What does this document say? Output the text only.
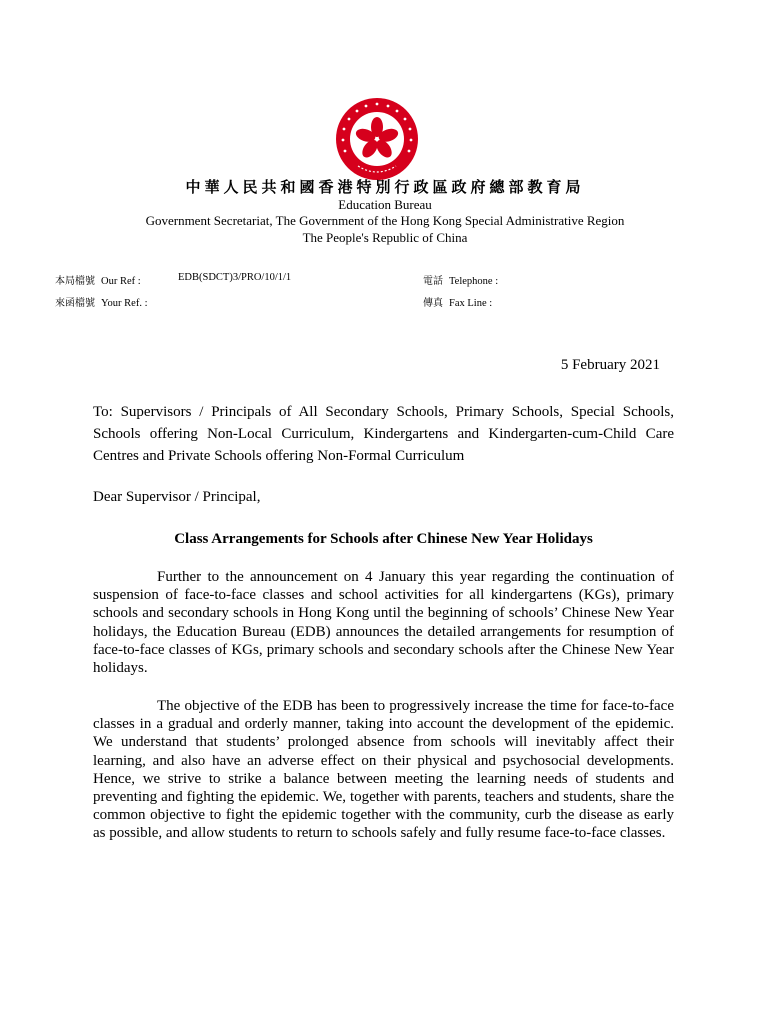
中華人民共和國香港特別行政區政府總部教育局
Education Bureau
Government Secretariat, The Government of the Hong Kong Special Administrative Region
The People's Republic of China
本局檔號 Our Ref :	EDB(SDCT)3/PRO/10/1/1
來函檔號 Your Ref. :
電話 Telephone :
傳真 Fax Line :
5 February 2021
To: Supervisors / Principals of All Secondary Schools, Primary Schools, Special Schools, Schools offering Non-Local Curriculum, Kindergartens and Kindergarten-cum-Child Care Centres and Private Schools offering Non-Formal Curriculum
Dear Supervisor / Principal,
Class Arrangements for Schools after Chinese New Year Holidays
Further to the announcement on 4 January this year regarding the continuation of suspension of face-to-face classes and school activities for all kindergartens (KGs), primary schools and secondary schools in Hong Kong until the beginning of schools’ Chinese New Year holidays, the Education Bureau (EDB) announces the detailed arrangements for resumption of face-to-face classes of KGs, primary schools and secondary schools after the Chinese New Year holidays.
The objective of the EDB has been to progressively increase the time for face-to-face classes in a gradual and orderly manner, taking into account the development of the epidemic. We understand that students’ prolonged absence from schools will inevitably affect their learning, and also have an adverse effect on their physical and psychosocial developments. Hence, we strive to strike a balance between meeting the learning needs of students and preventing and fighting the epidemic. We, together with parents, teachers and students, share the common objective to fight the epidemic together with the community, curb the disease as early as possible, and allow students to return to schools safely and fully resume face-to-face classes.
